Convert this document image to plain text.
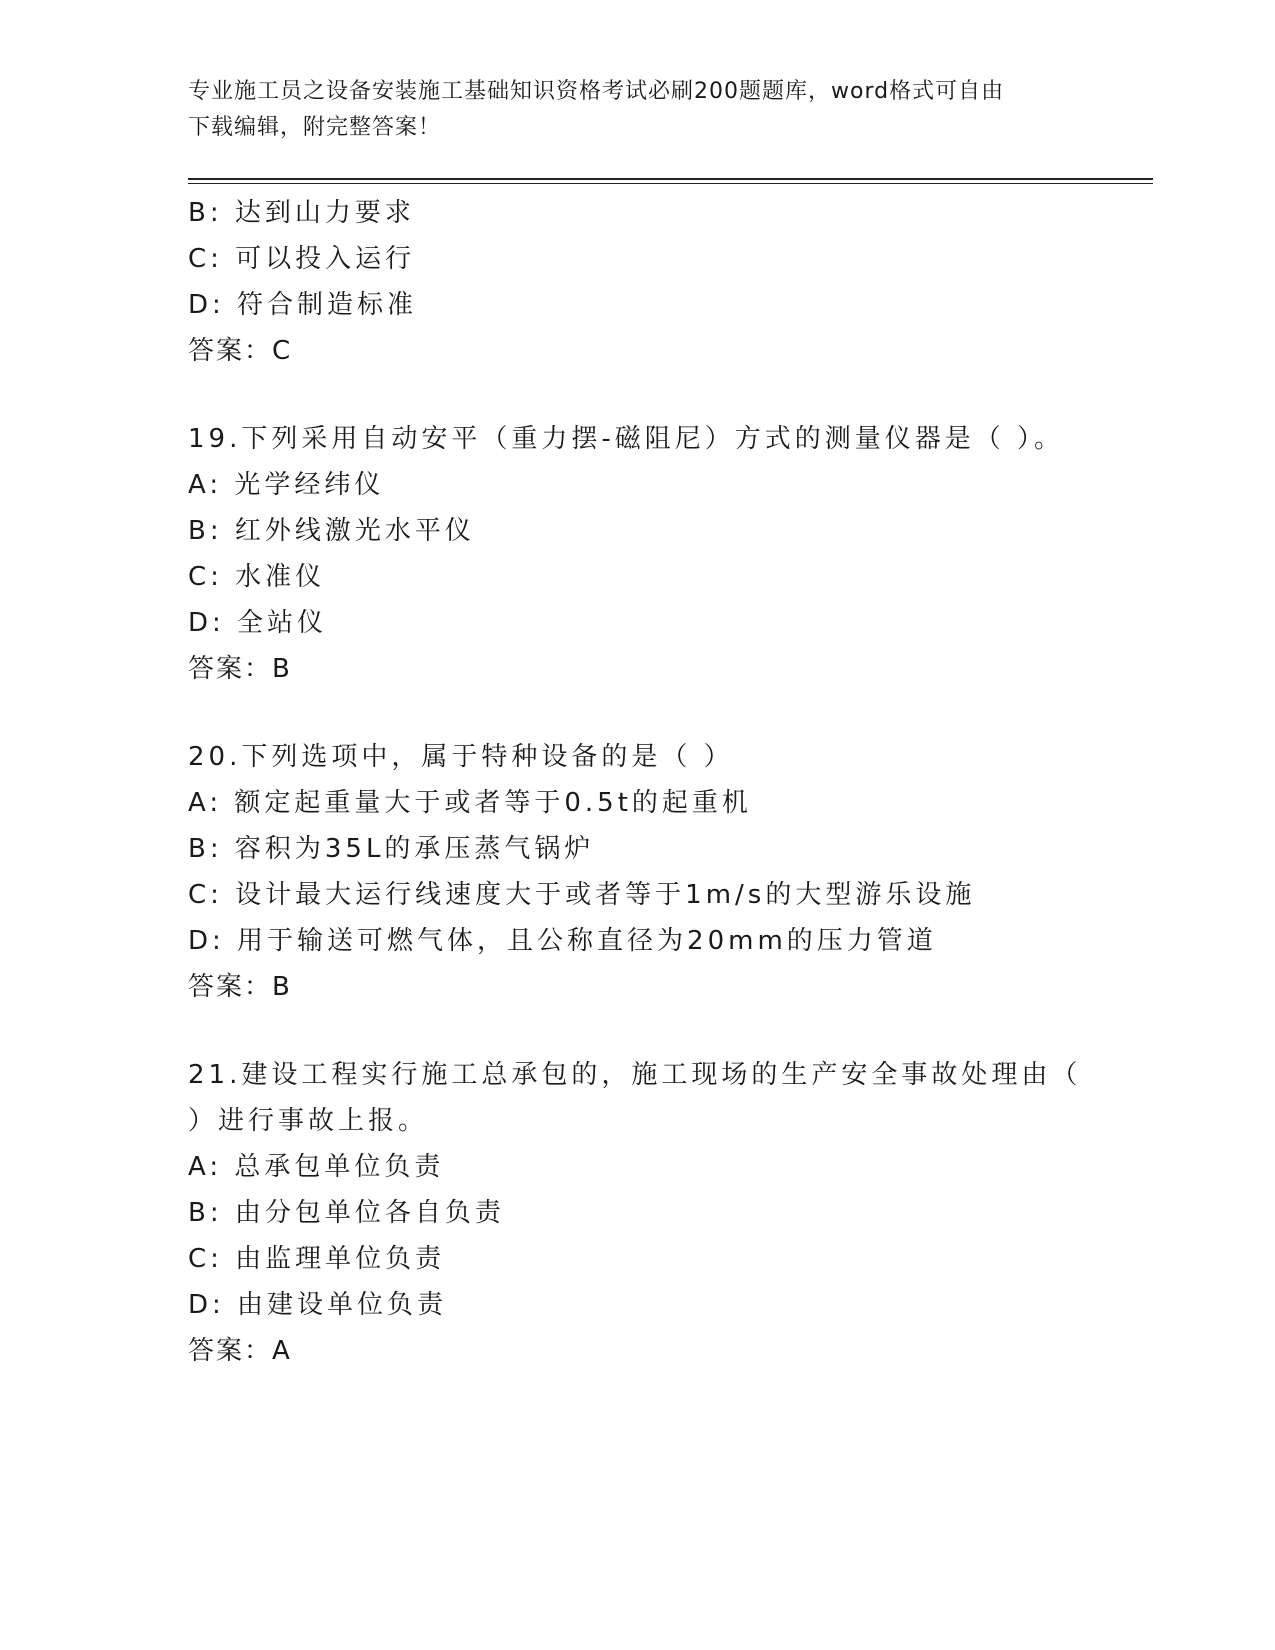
专业施工员之设备安装施工基础知识资格考试必刷200题题库，word格式可自由
下载编辑，附完整答案！
B: 达到山力要求
C: 可以投入运行
D: 符合制造标准
答案：C
19.下列采用自动安平（重力摆-磁阻尼）方式的测量仪器是（ ）。
A: 光学经纬仪
B: 红外线激光水平仪
C: 水准仪
D: 全站仪
答案：B
20.下列选项中，属于特种设备的是（ ）
A: 额定起重量大于或者等于0.5t的起重机
B: 容积为35L的承压蒸气锅炉
C: 设计最大运行线速度大于或者等于1m/s的大型游乐设施
D: 用于输送可燃气体，且公称直径为20mm的压力管道
答案：B
21.建设工程实行施工总承包的，施工现场的生产安全事故处理由（
）进行事故上报。
A: 总承包单位负责
B: 由分包单位各自负责
C: 由监理单位负责
D: 由建设单位负责
答案：A
